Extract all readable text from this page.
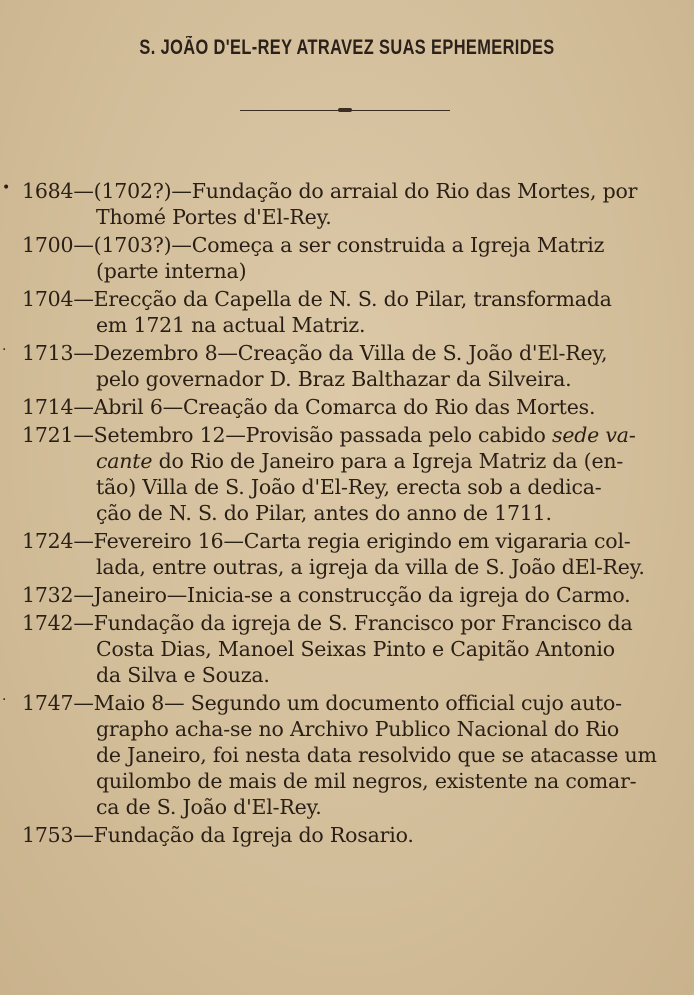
S. JOÃO D'EL-REY ATRAVEZ SUAS EPHEMERIDES
• 1684—(1702?)—Fundação do arraial do Rio das Mortes, por
Thomé Portes d'El-Rey.
1700—(1703?)—Começa a ser construida a Igreja Matriz
(parte interna)
1704—Erecção da Capella de N. S. do Pilar, transformada
em 1721 na actual Matriz.
· 1713—Dezembro 8—Creação da Villa de S. João d'El-Rey,
pelo governador D. Braz Balthazar da Silveira.
1714—Abril 6—Creação da Comarca do Rio das Mortes.
1721—Setembro 12—Provisão passada pelo cabido sede va-
cante do Rio de Janeiro para a Igreja Matriz da (en-
tão) Villa de S. João d'El-Rey, erecta sob a dedica-
ção de N. S. do Pilar, antes do anno de 1711.
1724—Fevereiro 16—Carta regia erigindo em vigararia col-
lada, entre outras, a igreja da villa de S. João dEl-Rey.
1732—Janeiro—Inicia-se a construcção da igreja do Carmo.
1742—Fundação da igreja de S. Francisco por Francisco da
Costa Dias, Manoel Seixas Pinto e Capitão Antonio
da Silva e Souza.
· 1747—Maio 8— Segundo um documento official cujo auto-
grapho acha-se no Archivo Publico Nacional do Rio
de Janeiro, foi nesta data resolvido que se atacasse um
quilombo de mais de mil negros, existente na comar-
ca de S. João d'El-Rey.
1753—Fundação da Igreja do Rosario.
